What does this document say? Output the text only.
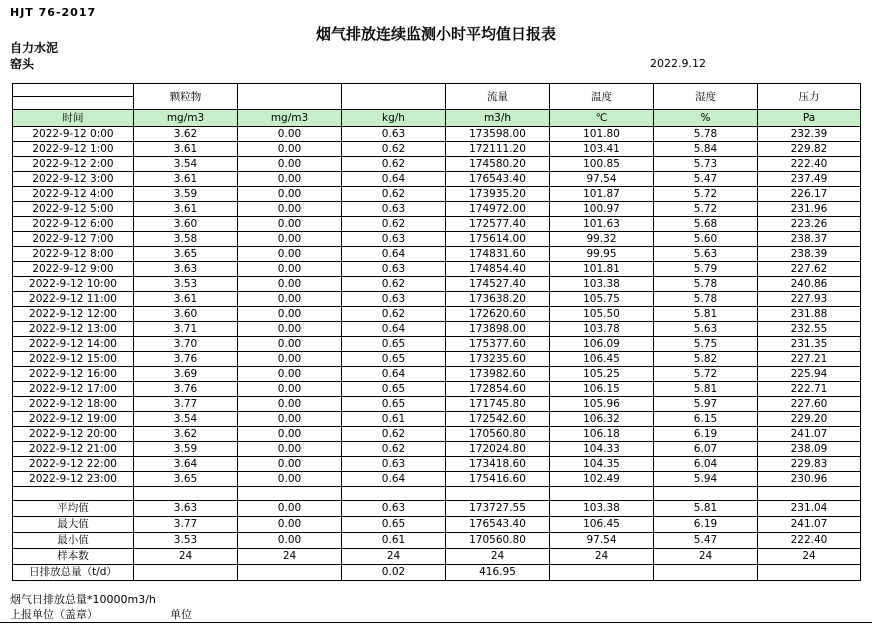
HJT 76-2017
烟气排放连续监测小时平均值日报表
自力水泥
窑头	2022.9.12
	颗粒物			流量	温度	湿度	压力

时间	mg/m3	mg/m3	kg/h	m3/h	℃	%	Pa
2022-9-12 0:00	3.62	0.00	0.63	173598.00	101.80	5.78	232.39
2022-9-12 1:00	3.61	0.00	0.62	172111.20	103.41	5.84	229.82
2022-9-12 2:00	3.54	0.00	0.62	174580.20	100.85	5.73	222.40
2022-9-12 3:00	3.61	0.00	0.64	176543.40	97.54	5.47	237.49
2022-9-12 4:00	3.59	0.00	0.62	173935.20	101.87	5.72	226.17
2022-9-12 5:00	3.61	0.00	0.63	174972.00	100.97	5.72	231.96
2022-9-12 6:00	3.60	0.00	0.62	172577.40	101.63	5.68	223.26
2022-9-12 7:00	3.58	0.00	0.63	175614.00	99.32	5.60	238.37
2022-9-12 8:00	3.65	0.00	0.64	174831.60	99.95	5.63	238.39
2022-9-12 9:00	3.63	0.00	0.63	174854.40	101.81	5.79	227.62
2022-9-12 10:00	3.53	0.00	0.62	174527.40	103.38	5.78	240.86
2022-9-12 11:00	3.61	0.00	0.63	173638.20	105.75	5.78	227.93
2022-9-12 12:00	3.60	0.00	0.62	172620.60	105.50	5.81	231.88
2022-9-12 13:00	3.71	0.00	0.64	173898.00	103.78	5.63	232.55
2022-9-12 14:00	3.70	0.00	0.65	175377.60	106.09	5.75	231.35
2022-9-12 15:00	3.76	0.00	0.65	173235.60	106.45	5.82	227.21
2022-9-12 16:00	3.69	0.00	0.64	173982.60	105.25	5.72	225.94
2022-9-12 17:00	3.76	0.00	0.65	172854.60	106.15	5.81	222.71
2022-9-12 18:00	3.77	0.00	0.65	171745.80	105.96	5.97	227.60
2022-9-12 19:00	3.54	0.00	0.61	172542.60	106.32	6.15	229.20
2022-9-12 20:00	3.62	0.00	0.62	170560.80	106.18	6.19	241.07
2022-9-12 21:00	3.59	0.00	0.62	172024.80	104.33	6.07	238.09
2022-9-12 22:00	3.64	0.00	0.63	173418.60	104.35	6.04	229.83
2022-9-12 23:00	3.65	0.00	0.64	175416.60	102.49	5.94	230.96

平均值	3.63	0.00	0.63	173727.55	103.38	5.81	231.04
最大值	3.77	0.00	0.65	176543.40	106.45	6.19	241.07
最小值	3.53	0.00	0.61	170560.80	97.54	5.47	222.40
样本数	24	24	24	24	24	24	24
日排放总量（t/d）			0.02	416.95			
烟气日排放总量*10000m3/h
上报单位（盖章）	单位
